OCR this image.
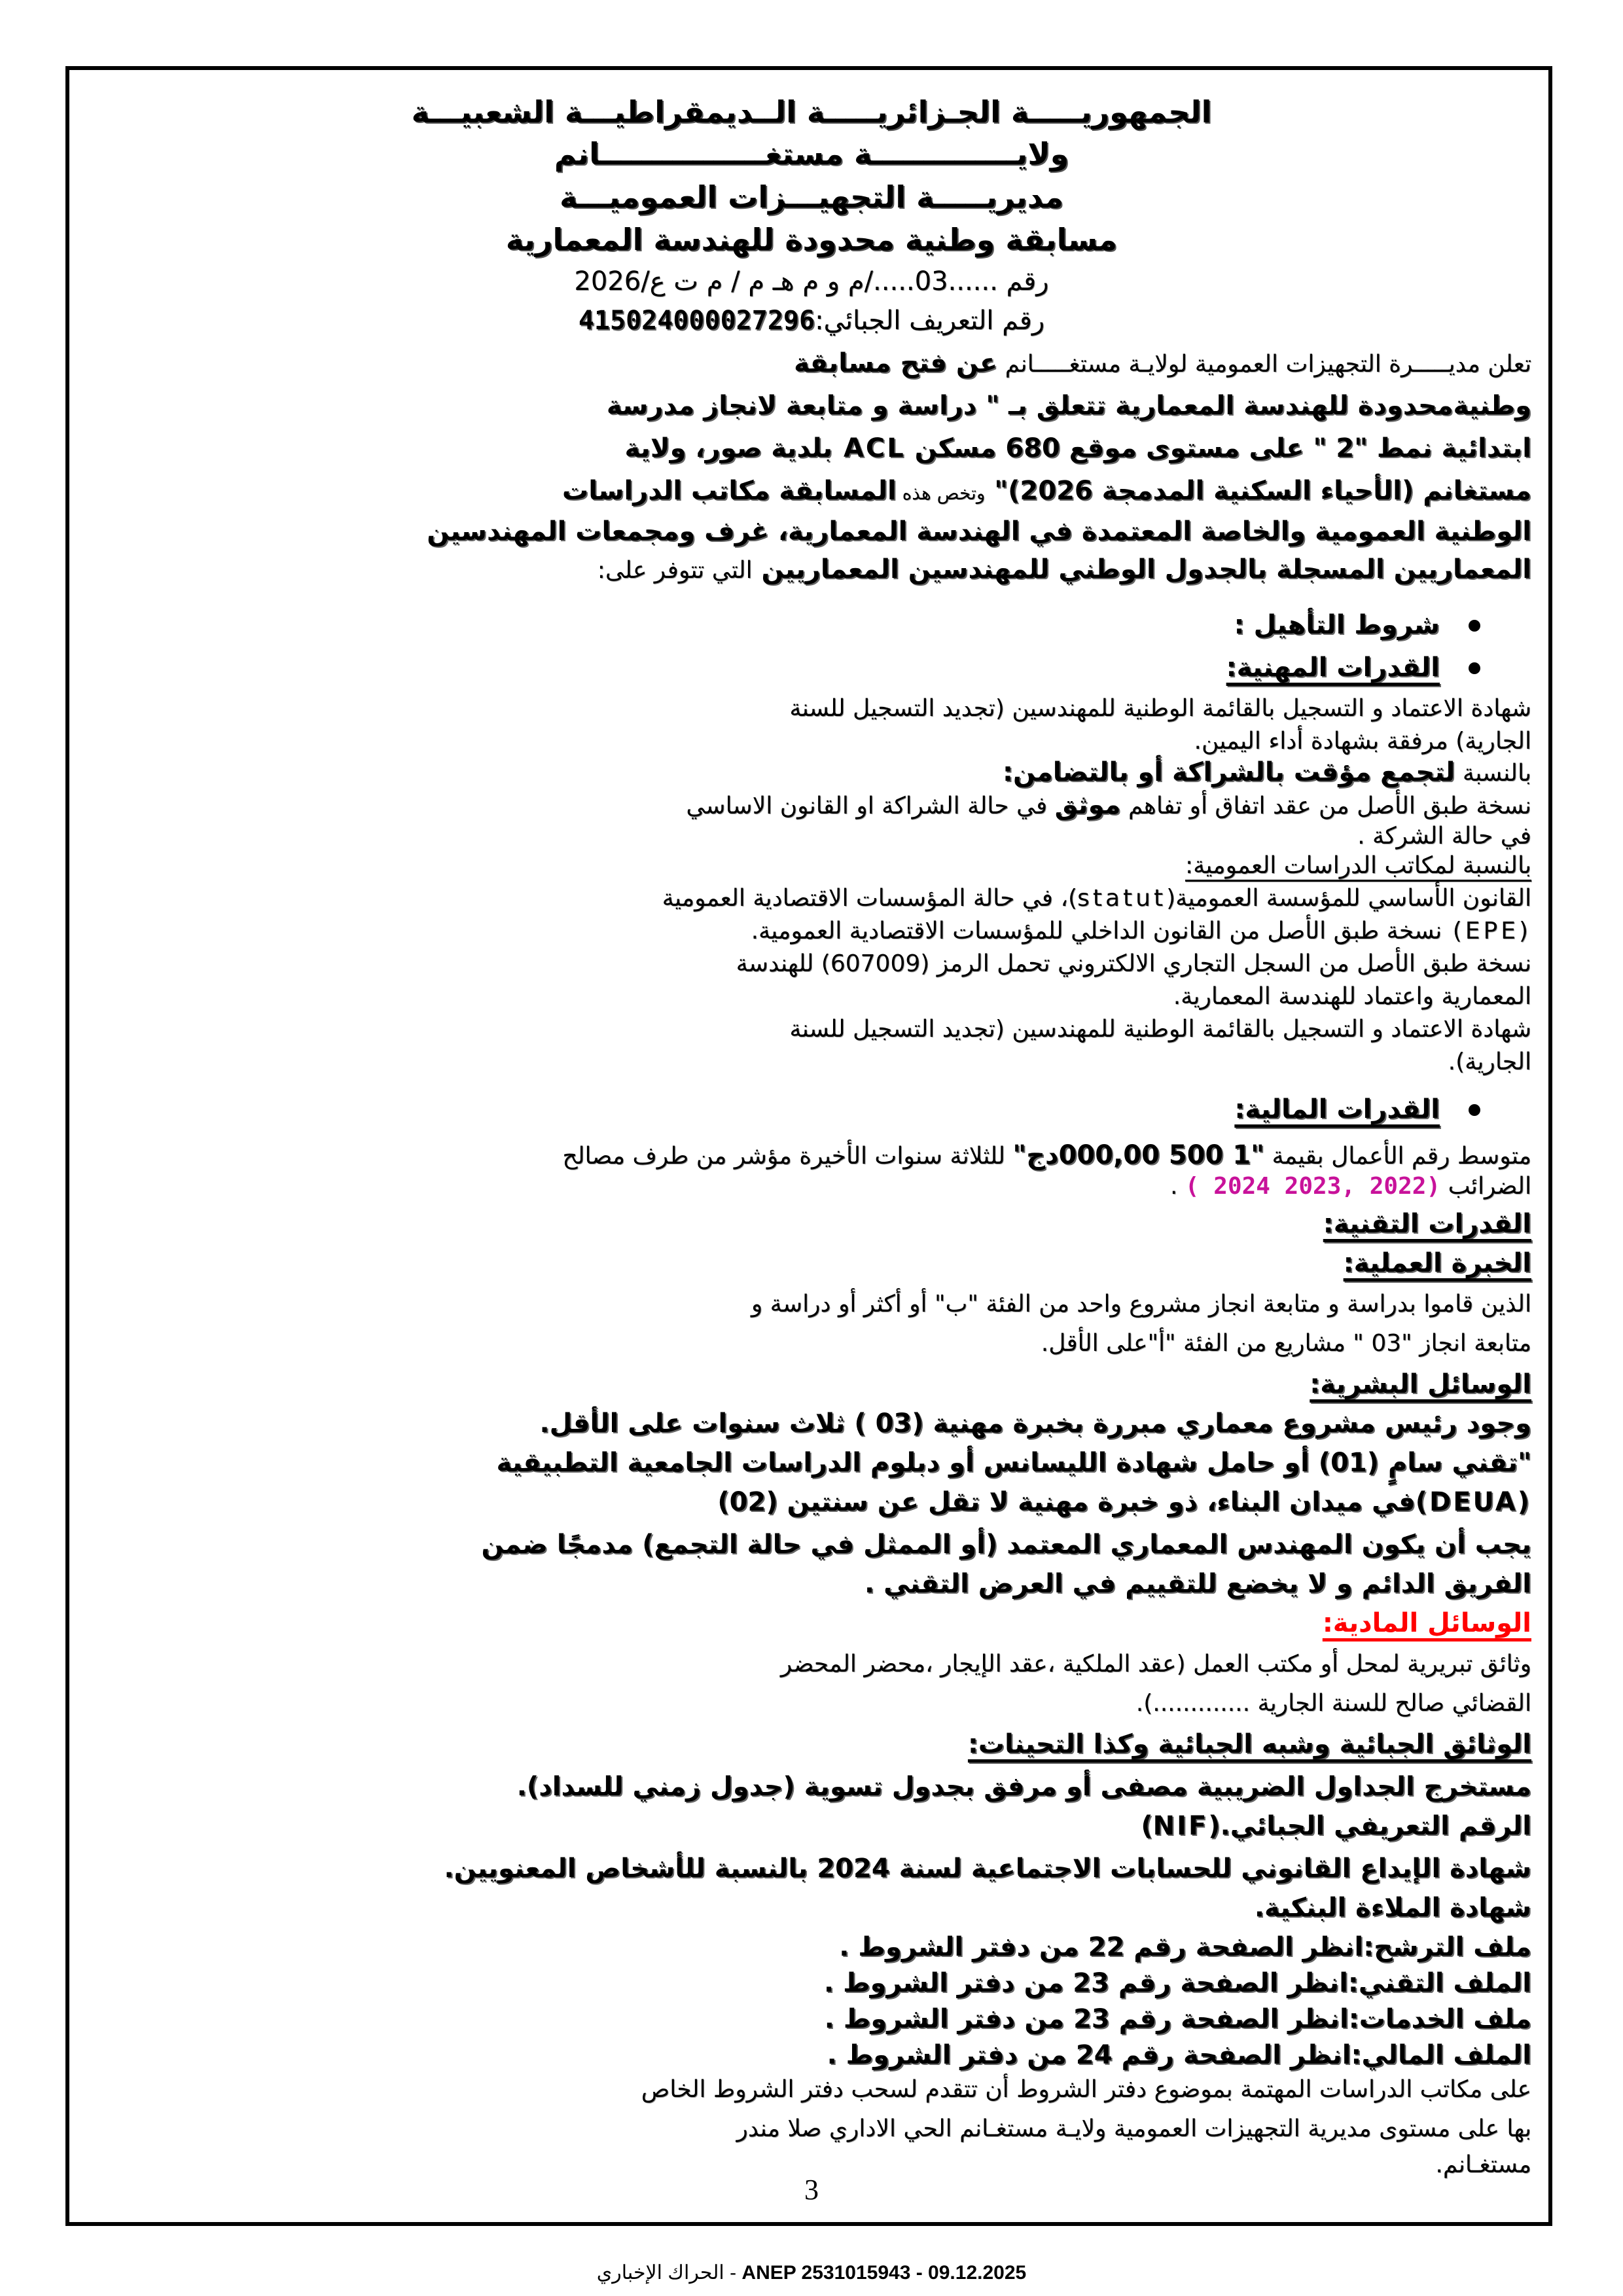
الجمهوريـــــة الجـزائريـــــة الــديمقراطيـــة الشعبيـــة
ولايــــــــــــــة مستغــــــــــــــــانم
مديريـــــة التجهيـــزات العموميـــة
مسابقة وطنية محدودة للهندسة المعمارية
رقم ......03...../م و م هـ م / م ت ع/2026
رقم التعريف الجبائي:415024000027296
تعلن مديـــــرة التجهيزات العمومية لولايـة مستغـــــانم عن فتح مسابقة
وطنيةمحدودة للهندسة المعمارية تتعلق بـ " دراسة و متابعة لانجاز مدرسة
ابتدائية نمط "2 " على مستوى موقع 680 مسكن ACL بلدية صور، ولاية
مستغانم (الأحياء السكنية المدمجة 2026)" وتخص هذه المسابقة مكاتب الدراسات
الوطنية العمومية والخاصة المعتمدة في الهندسة المعمارية، غرف ومجمعات المهندسين
المعماريين المسجلة بالجدول الوطني للمهندسين المعماريين التي تتوفر على:
شروط التأهيل :
القدرات المهنية:
شهادة الاعتماد و التسجيل بالقائمة الوطنية للمهندسين (تجديد التسجيل للسنة
الجارية) مرفقة بشهادة أداء اليمين.
بالنسبة لتجمع مؤقت بالشراكة أو بالتضامن:
نسخة طبق الأصل من عقد اتفاق أو تفاهم موثق في حالة الشراكة او القانون الاساسي
في حالة الشركة .
بالنسبة لمكاتب الدراسات العمومية:
القانون الأساسي للمؤسسة العمومية(statut)، في حالة المؤسسات الاقتصادية العمومية
(EPE) نسخة طبق الأصل من القانون الداخلي للمؤسسات الاقتصادية العمومية.
نسخة طبق الأصل من السجل التجاري الالكتروني تحمل الرمز (607009) للهندسة
المعمارية واعتماد للهندسة المعمارية.
شهادة الاعتماد و التسجيل بالقائمة الوطنية للمهندسين (تجديد التسجيل للسنة
الجارية).
القدرات المالية:
متوسط رقم الأعمال بقيمة "1 500 000,00دج" للثلاثة سنوات الأخيرة مؤشر من طرف مصالح
الضرائب (2022 ,2023 2024 ) .
القدرات التقنية:
الخبرة العملية:
الذين قاموا بدراسة و متابعة انجاز مشروع واحد من الفئة "ب" أو أكثر أو دراسة و
متابعة انجاز "03 " مشاريع من الفئة "أ"على الأقل.
الوسائل البشرية:
وجود رئيس مشروع معماري مبررة بخبرة مهنية (03 ) ثلاث سنوات على الأقل.
"تقني سامٍ (01) أو حامل شهادة الليسانس أو دبلوم الدراسات الجامعية التطبيقية
(DEUA)في ميدان البناء، ذو خبرة مهنية لا تقل عن سنتين (02)
يجب أن يكون المهندس المعماري المعتمد (أو الممثل في حالة التجمع) مدمجًا ضمن
الفريق الدائم و لا يخضع للتقييم في العرض التقني .
الوسائل المادية:
وثائق تبريرية لمحل أو مكتب العمل (عقد الملكية ،عقد الإيجار ،محضر المحضر
القضائي صالح للسنة الجارية .............).
الوثائق الجبائية وشبه الجبائية وكذا التحينات:
مستخرج الجداول الضريبية مصفى أو مرفق بجدول تسوية (جدول زمني للسداد).
الرقم التعريفي الجبائي.(NIF)
شهادة الإيداع القانوني للحسابات الاجتماعية لسنة 2024 بالنسبة للأشخاص المعنويين.
شهادة الملاءة البنكية.
ملف الترشح:انظر الصفحة رقم 22 من دفتر الشروط .
الملف التقني:انظر الصفحة رقم 23 من دفتر الشروط .
ملف الخدمات:انظر الصفحة رقم 23 من دفتر الشروط .
الملف المالي:انظر الصفحة رقم 24 من دفتر الشروط .
على مكاتب الدراسات المهتمة بموضوع دفتر الشروط أن تتقدم لسحب دفتر الشروط الخاص
بها على مستوى مديرية التجهيزات العمومية ولايـة مستغـانم الحي الاداري صلا مندر
مستغـانم.
3
الحراك الإخباري - ANEP 2531015943 - 09.12.2025
